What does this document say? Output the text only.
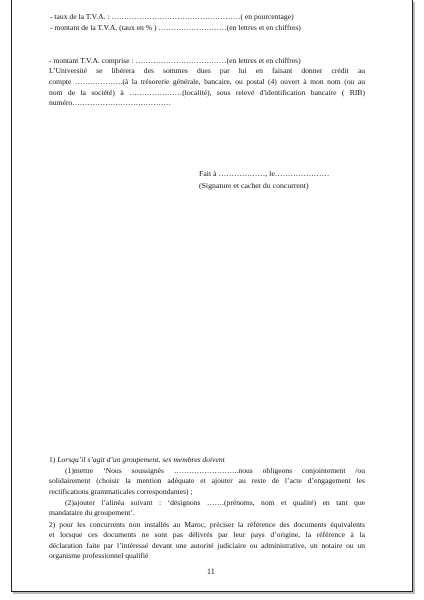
- taux de la T.V.A. : ……………………………………………( en pourcentage)
- montant de la T.V.A. (taux en % ) ………………………(en lettres et en chiffres)
- montant T.V.A. comprise : ………………………………(en lettres et en chiffres)
L’Université se libérera des sommes dues par lui en faisant donner crédit au
compte ……………….(à la trésorerie générale, bancaire, ou postal (4) ouvert à mon nom (ou au
nom de la société) à …………………(localité), sous relevé d'identification bancaire ( RIB)
numéro…………………………………
Fait à ………………, le…………………
(Signature et cachet du concurrent)
1) Lorsqu’il s’agit d’un groupement, ses membres doivent
(1)mettre ‘Nous soussignés ……………………..nous obligeons conjointement /ou
solidairement (choisir la mention adéquate et ajouter au reste de l’acte d’engagement les
rectifications grammaticales correspondantes) ;
(2)ajouter l’alinéa suivant : ‘désignons …….(prénoms, nom et qualité) en tant que
mandataire du groupement’.
2) pour les concurrents non installés au Maroc, préciser la référence des documents équivalents
et lorsque ces documents ne sont pas délivrés par leur pays d’origine, la référence à la
déclaration faite par l’intéressé devant une autorité judiciaire ou administrative, un notaire ou un
organisme professionnel qualifié
11
